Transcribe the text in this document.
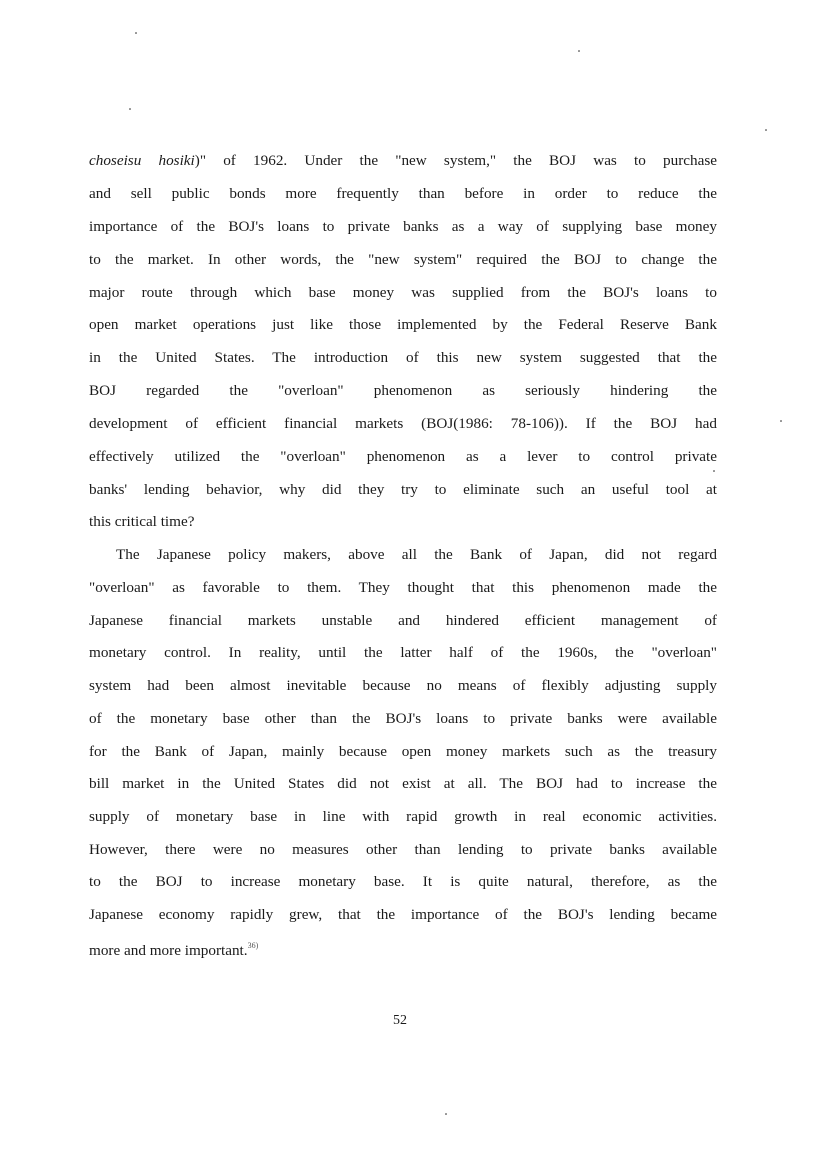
choseisu hosiki)" of 1962. Under the "new system," the BOJ was to purchase
and sell public bonds more frequently than before in order to reduce the
importance of the BOJ's loans to private banks as a way of supplying base money
to the market. In other words, the "new system" required the BOJ to change the
major route through which base money was supplied from the BOJ's loans to
open market operations just like those implemented by the Federal Reserve Bank
in the United States. The introduction of this new system suggested that the
BOJ regarded the "overloan" phenomenon as seriously hindering the
development of efficient financial markets (BOJ(1986: 78-106)). If the BOJ had
effectively utilized the "overloan" phenomenon as a lever to control private
banks' lending behavior, why did they try to eliminate such an useful tool at
this critical time?
The Japanese policy makers, above all the Bank of Japan, did not regard
"overloan" as favorable to them. They thought that this phenomenon made the
Japanese financial markets unstable and hindered efficient management of
monetary control. In reality, until the latter half of the 1960s, the "overloan"
system had been almost inevitable because no means of flexibly adjusting supply
of the monetary base other than the BOJ's loans to private banks were available
for the Bank of Japan, mainly because open money markets such as the treasury
bill market in the United States did not exist at all. The BOJ had to increase the
supply of monetary base in line with rapid growth in real economic activities.
However, there were no measures other than lending to private banks available
to the BOJ to increase monetary base. It is quite natural, therefore, as the
Japanese economy rapidly grew, that the importance of the BOJ's lending became
more and more important.$^{36)}$
52
